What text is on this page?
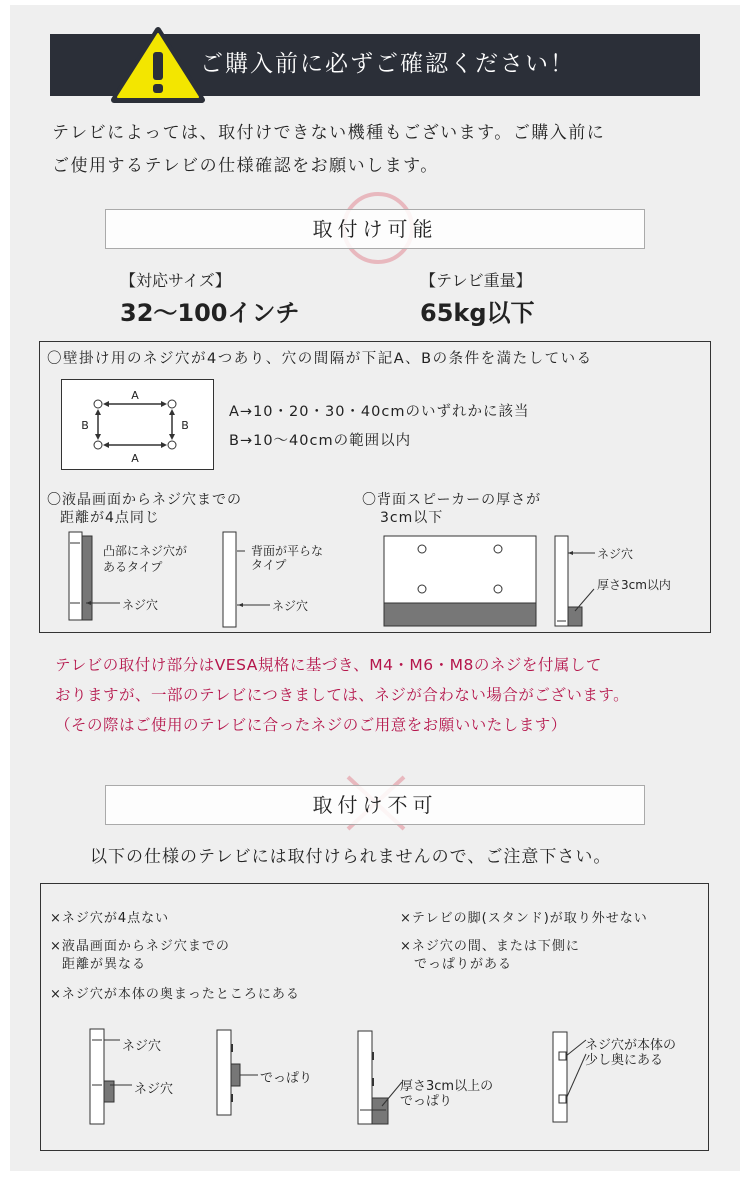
ご購入前に必ずご確認ください！
テレビによっては、取付けできない機種もございます。ご購入前に
ご使用するテレビの仕様確認をお願いします。
取付け可能
【対応サイズ】
32〜100インチ
【テレビ重量】
65kg以下
〇壁掛け用のネジ穴が4つあり、穴の間隔が下記A、Bの条件を満たしている
A
A
B	B
A→10・20・30・40cmのいずれかに該当
B→10〜40cmの範囲以内
〇液晶画面からネジ穴までの
距離が4点同じ
〇背面スピーカーの厚さが
3cm以下
凸部にネジ穴が
あるタイプ
ネジ穴
背面が平らな
タイプ
ネジ穴
ネジ穴
厚さ3cm以内
テレビの取付け部分はVESA規格に基づき、M4・M6・M8のネジを付属して
おりますが、一部のテレビにつきましては、ネジが合わない場合がございます。
（その際はご使用のテレビに合ったネジのご用意をお願いいたします）
取付け不可
以下の仕様のテレビには取付けられませんので、ご注意下さい。
×ネジ穴が4点ない
×液晶画面からネジ穴までの
距離が異なる
×ネジ穴が本体の奥まったところにある
×テレビの脚(スタンド)が取り外せない
×ネジ穴の間、または下側に
でっぱりがある
ネジ穴
ネジ穴
でっぱり
厚さ3cm以上の
でっぱり
ネジ穴が本体の
少し奥にある
